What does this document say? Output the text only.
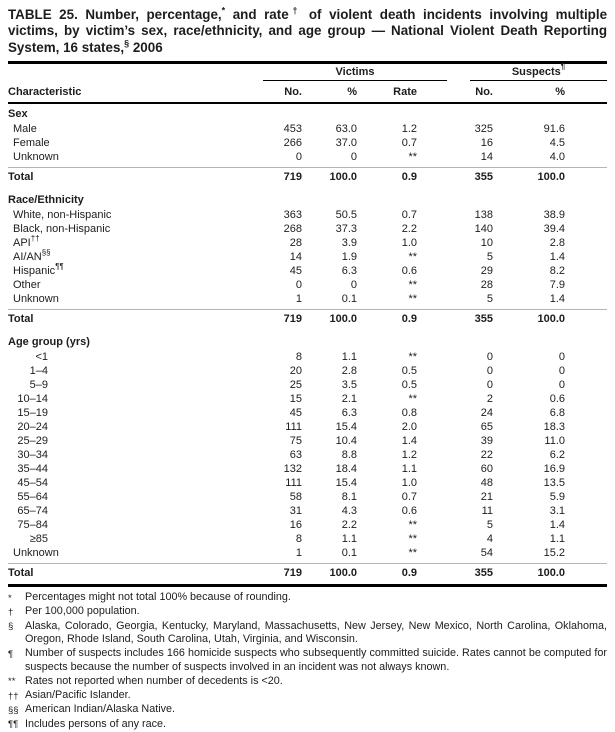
TABLE 25. Number, percentage,* and rate† of violent death incidents involving multiple victims, by victim’s sex, race/ethnicity, and age group — National Violent Death Reporting System, 16 states,§ 2006
Victims	Suspects¶
Characteristic	No.	%	Rate	No.	%
Sex
Male	453	63.0	1.2	325	91.6
Female	266	37.0	0.7	16	4.5
Unknown	0	0	**	14	4.0
Total	719	100.0	0.9	355	100.0
Race/Ethnicity
White, non-Hispanic	363	50.5	0.7	138	38.9
Black, non-Hispanic	268	37.3	2.2	140	39.4
API††	28	3.9	1.0	10	2.8
AI/AN§§	14	1.9	**	5	1.4
Hispanic¶¶	45	6.3	0.6	29	8.2
Other	0	0	**	28	7.9
Unknown	1	0.1	**	5	1.4
Total	719	100.0	0.9	355	100.0
Age group (yrs)
<1	8	1.1	**	0	0
1–4	20	2.8	0.5	0	0
5–9	25	3.5	0.5	0	0
10–14	15	2.1	**	2	0.6
15–19	45	6.3	0.8	24	6.8
20–24	111	15.4	2.0	65	18.3
25–29	75	10.4	1.4	39	11.0
30–34	63	8.8	1.2	22	6.2
35–44	132	18.4	1.1	60	16.9
45–54	111	15.4	1.0	48	13.5
55–64	58	8.1	0.7	21	5.9
65–74	31	4.3	0.6	11	3.1
75–84	16	2.2	**	5	1.4
≥85	8	1.1	**	4	1.1
Unknown	1	0.1	**	54	15.2
Total	719	100.0	0.9	355	100.0
*	Percentages might not total 100% because of rounding.
†	Per 100,000 population.
§	Alaska, Colorado, Georgia, Kentucky, Maryland, Massachusetts, New Jersey, New Mexico, North Carolina, Oklahoma, Oregon, Rhode Island, South Carolina, Utah, Virginia, and Wisconsin.
¶	Number of suspects includes 166 homicide suspects who subsequently committed suicide. Rates cannot be computed for suspects because the number of suspects involved in an incident was not always known.
** Rates not reported when number of decedents is <20.
†† Asian/Pacific Islander.
§§ American Indian/Alaska Native.
¶¶ Includes persons of any race.
